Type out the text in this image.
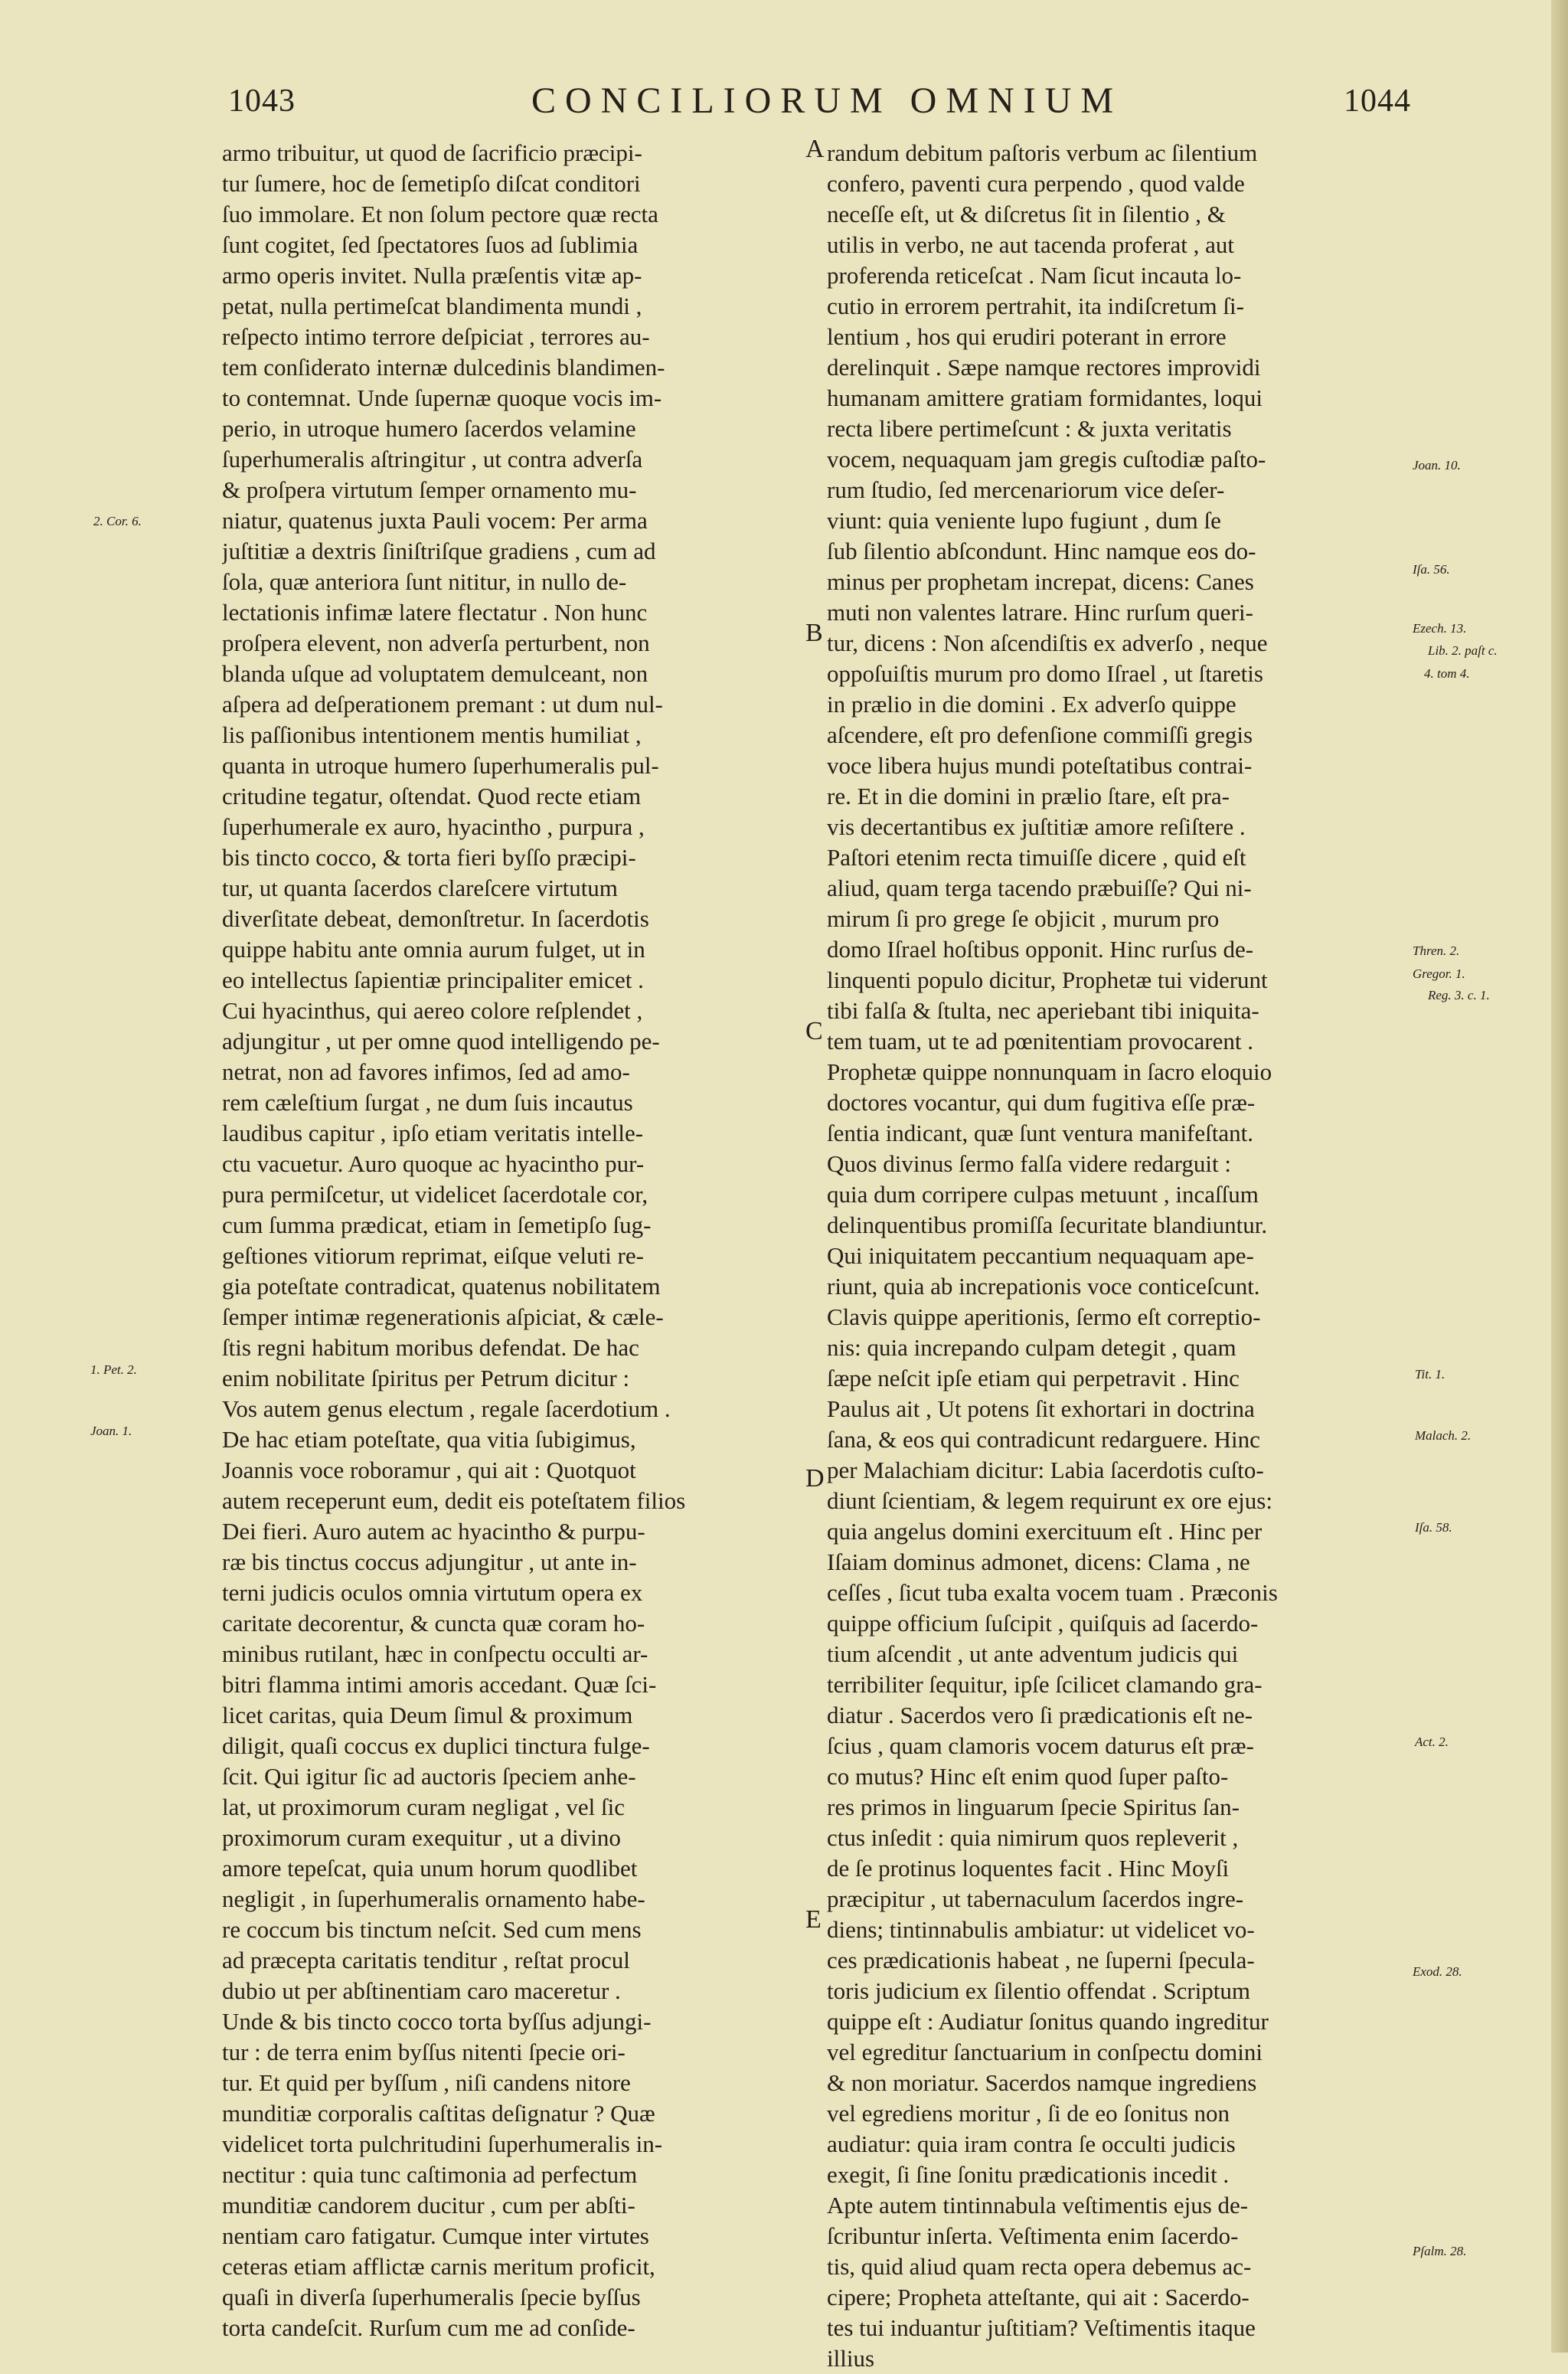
1043	CONCILIORUM OMNIUM	1044
armo tribuitur, ut quod de ſacrificio præcipi-
tur ſumere, hoc de ſemetipſo diſcat conditori
ſuo immolare. Et non ſolum pectore quæ recta
ſunt cogitet, ſed ſpectatores ſuos ad ſublimia
armo operis invitet. Nulla præſentis vitæ ap-
petat, nulla pertimeſcat blandimenta mundi ,
reſpecto intimo terrore deſpiciat , terrores au-
tem conſiderato internæ dulcedinis blandimen-
to contemnat. Unde ſupernæ quoque vocis im-
perio, in utroque humero ſacerdos velamine
ſuperhumeralis aſtringitur , ut contra adverſa
& proſpera virtutum ſemper ornamento mu-
niatur, quatenus juxta Pauli vocem: Per arma
juſtitiæ a dextris ſiniſtriſque gradiens , cum ad
ſola, quæ anteriora ſunt nititur, in nullo de-
lectationis infimæ latere flectatur . Non hunc
proſpera elevent, non adverſa perturbent, non
blanda uſque ad voluptatem demulceant, non
aſpera ad deſperationem premant : ut dum nul-
lis paſſionibus intentionem mentis humiliat ,
quanta in utroque humero ſuperhumeralis pul-
critudine tegatur, oſtendat. Quod recte etiam
ſuperhumerale ex auro, hyacintho , purpura ,
bis tincto cocco, & torta fieri byſſo præcipi-
tur, ut quanta ſacerdos clareſcere virtutum
diverſitate debeat, demonſtretur. In ſacerdotis
quippe habitu ante omnia aurum fulget, ut in
eo intellectus ſapientiæ principaliter emicet .
Cui hyacinthus, qui aereo colore reſplendet ,
adjungitur , ut per omne quod intelligendo pe-
netrat, non ad favores infimos, ſed ad amo-
rem cæleſtium ſurgat , ne dum ſuis incautus
laudibus capitur , ipſo etiam veritatis intelle-
ctu vacuetur. Auro quoque ac hyacintho pur-
pura permiſcetur, ut videlicet ſacerdotale cor,
cum ſumma prædicat, etiam in ſemetipſo ſug-
geſtiones vitiorum reprimat, eiſque veluti re-
gia poteſtate contradicat, quatenus nobilitatem
ſemper intimæ regenerationis aſpiciat, & cæle-
ſtis regni habitum moribus defendat. De hac
enim nobilitate ſpiritus per Petrum dicitur :
Vos autem genus electum , regale ſacerdotium .
De hac etiam poteſtate, qua vitia ſubigimus,
Joannis voce roboramur , qui ait : Quotquot
autem receperunt eum, dedit eis poteſtatem filios
Dei fieri. Auro autem ac hyacintho & purpu-
ræ bis tinctus coccus adjungitur , ut ante in-
terni judicis oculos omnia virtutum opera ex
caritate decorentur, & cuncta quæ coram ho-
minibus rutilant, hæc in conſpectu occulti ar-
bitri flamma intimi amoris accedant. Quæ ſci-
licet caritas, quia Deum ſimul & proximum
diligit, quaſi coccus ex duplici tinctura fulge-
ſcit. Qui igitur ſic ad auctoris ſpeciem anhe-
lat, ut proximorum curam negligat , vel ſic
proximorum curam exequitur , ut a divino
amore tepeſcat, quia unum horum quodlibet
negligit , in ſuperhumeralis ornamento habe-
re coccum bis tinctum neſcit. Sed cum mens
ad præcepta caritatis tenditur , reſtat procul
dubio ut per abſtinentiam caro maceretur .
Unde & bis tincto cocco torta byſſus adjungi-
tur : de terra enim byſſus nitenti ſpecie ori-
tur. Et quid per byſſum , niſi candens nitore
munditiæ corporalis caſtitas deſignatur ? Quæ
videlicet torta pulchritudini ſuperhumeralis in-
nectitur : quia tunc caſtimonia ad perfectum
munditiæ candorem ducitur , cum per abſti-
nentiam caro fatigatur. Cumque inter virtutes
ceteras etiam afflictæ carnis meritum proficit,
quaſi in diverſa ſuperhumeralis ſpecie byſſus
torta candeſcit. Rurſum cum me ad conſide-
randum debitum paſtoris verbum ac ſilentium
confero, paventi cura perpendo , quod valde
neceſſe eſt, ut & diſcretus ſit in ſilentio , &
utilis in verbo, ne aut tacenda proferat , aut
proferenda reticeſcat . Nam ſicut incauta lo-
cutio in errorem pertrahit, ita indiſcretum ſi-
lentium , hos qui erudiri poterant in errore
derelinquit . Sæpe namque rectores improvidi
humanam amittere gratiam formidantes, loqui
recta libere pertimeſcunt : & juxta veritatis
vocem, nequaquam jam gregis cuſtodiæ paſto-
rum ſtudio, ſed mercenariorum vice deſer-
viunt: quia veniente lupo fugiunt , dum ſe
ſub ſilentio abſcondunt. Hinc namque eos do-
minus per prophetam increpat, dicens: Canes
muti non valentes latrare. Hinc rurſum queri-
tur, dicens : Non aſcendiſtis ex adverſo , neque
oppoſuiſtis murum pro domo Iſrael , ut ſtaretis
in prælio in die domini . Ex adverſo quippe
aſcendere, eſt pro defenſione commiſſi gregis
voce libera hujus mundi poteſtatibus contrai-
re. Et in die domini in prælio ſtare, eſt pra-
vis decertantibus ex juſtitiæ amore reſiſtere .
Paſtori etenim recta timuiſſe dicere , quid eſt
aliud, quam terga tacendo præbuiſſe? Qui ni-
mirum ſi pro grege ſe objicit , murum pro
domo Iſrael hoſtibus opponit. Hinc rurſus de-
linquenti populo dicitur, Prophetæ tui viderunt
tibi falſa & ſtulta, nec aperiebant tibi iniquita-
tem tuam, ut te ad pœnitentiam provocarent .
Prophetæ quippe nonnunquam in ſacro eloquio
doctores vocantur, qui dum fugitiva eſſe præ-
ſentia indicant, quæ ſunt ventura manifeſtant.
Quos divinus ſermo falſa videre redarguit :
quia dum corripere culpas metuunt , incaſſum
delinquentibus promiſſa ſecuritate blandiuntur.
Qui iniquitatem peccantium nequaquam ape-
riunt, quia ab increpationis voce conticeſcunt.
Clavis quippe aperitionis, ſermo eſt correptio-
nis: quia increpando culpam detegit , quam
ſæpe neſcit ipſe etiam qui perpetravit . Hinc
Paulus ait , Ut potens ſit exhortari in doctrina
ſana, & eos qui contradicunt redarguere. Hinc
per Malachiam dicitur: Labia ſacerdotis cuſto-
diunt ſcientiam, & legem requirunt ex ore ejus:
quia angelus domini exercituum eſt . Hinc per
Iſaiam dominus admonet, dicens: Clama , ne
ceſſes , ſicut tuba exalta vocem tuam . Præconis
quippe officium ſuſcipit , quiſquis ad ſacerdo-
tium aſcendit , ut ante adventum judicis qui
terribiliter ſequitur, ipſe ſcilicet clamando gra-
diatur . Sacerdos vero ſi prædicationis eſt ne-
ſcius , quam clamoris vocem daturus eſt præ-
co mutus? Hinc eſt enim quod ſuper paſto-
res primos in linguarum ſpecie Spiritus ſan-
ctus inſedit : quia nimirum quos repleverit ,
de ſe protinus loquentes facit . Hinc Moyſi
præcipitur , ut tabernaculum ſacerdos ingre-
diens; tintinnabulis ambiatur: ut videlicet vo-
ces prædicationis habeat , ne ſuperni ſpecula-
toris judicium ex ſilentio offendat . Scriptum
quippe eſt : Audiatur ſonitus quando ingreditur
vel egreditur ſanctuarium in conſpectu domini
& non moriatur. Sacerdos namque ingrediens
vel egrediens moritur , ſi de eo ſonitus non
audiatur: quia iram contra ſe occulti judicis
exegit, ſi ſine ſonitu prædicationis incedit .
Apte autem tintinnabula veſtimentis ejus de-
ſcribuntur inſerta. Veſtimenta enim ſacerdo-
tis, quid aliud quam recta opera debemus ac-
cipere; Propheta atteſtante, qui ait : Sacerdo-
tes tui induantur juſtitiam? Veſtimentis itaque
illius
2. Cor. 6.
1. Pet. 2.
Joan. 1.
Joan. 10.
Iſa. 56.
Ezech. 13.
Lib. 2. paſt c.
4. tom 4.
Thren. 2.
Gregor. 1.
Reg. 3. c. 1.
Tit. 1.
Malach. 2.
Iſa. 58.
Act. 2.
Exod. 28.
Pſalm. 28.
A
B
C
D
E
